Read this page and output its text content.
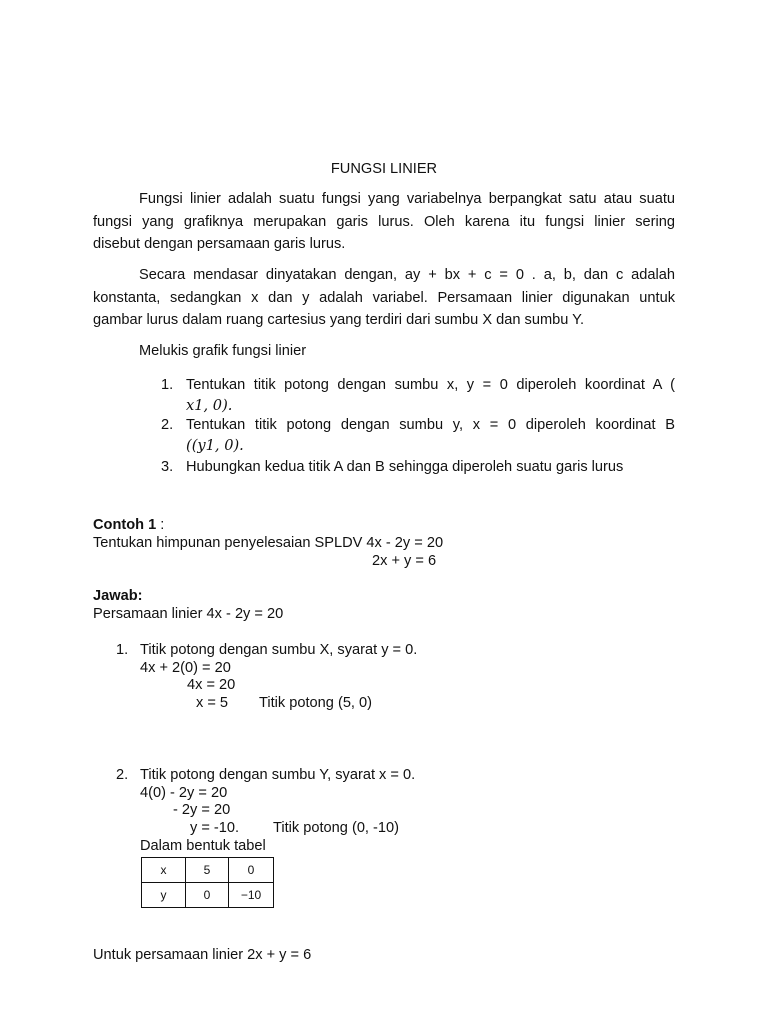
FUNGSI LINIER
Fungsi linier adalah suatu fungsi yang variabelnya berpangkat satu atau suatu
fungsi yang grafiknya merupakan garis lurus. Oleh karena itu fungsi linier sering
disebut dengan persamaan garis lurus.
Secara mendasar dinyatakan dengan, ay + bx + c = 0 . a, b, dan c adalah
konstanta, sedangkan x dan y adalah variabel. Persamaan linier digunakan untuk
gambar lurus dalam ruang cartesius yang terdiri dari sumbu X dan sumbu Y.
Melukis grafik fungsi linier
1. Tentukan titik potong dengan sumbu x, y = 0 diperoleh koordinat A (
𝑥1, 0).
2. Tentukan titik potong dengan sumbu y, x = 0 diperoleh koordinat B
((𝑦1, 0).
3. Hubungkan kedua titik A dan B sehingga diperoleh suatu garis lurus
Contoh 1 :
Tentukan himpunan penyelesaian SPLDV 4x - 2y = 20
2x + y = 6
Jawab:
Persamaan linier 4x - 2y = 20
1. Titik potong dengan sumbu X, syarat y = 0.
4x + 2(0) = 20
4x = 20
x = 5 Titik potong (5, 0)
2. Titik potong dengan sumbu Y, syarat x = 0.
4(0) - 2y = 20
- 2y = 20
y = -10. Titik potong (0, -10)
Dalam bentuk tabel
x	5	0
y	0	−10
Untuk persamaan linier 2x + y = 6
